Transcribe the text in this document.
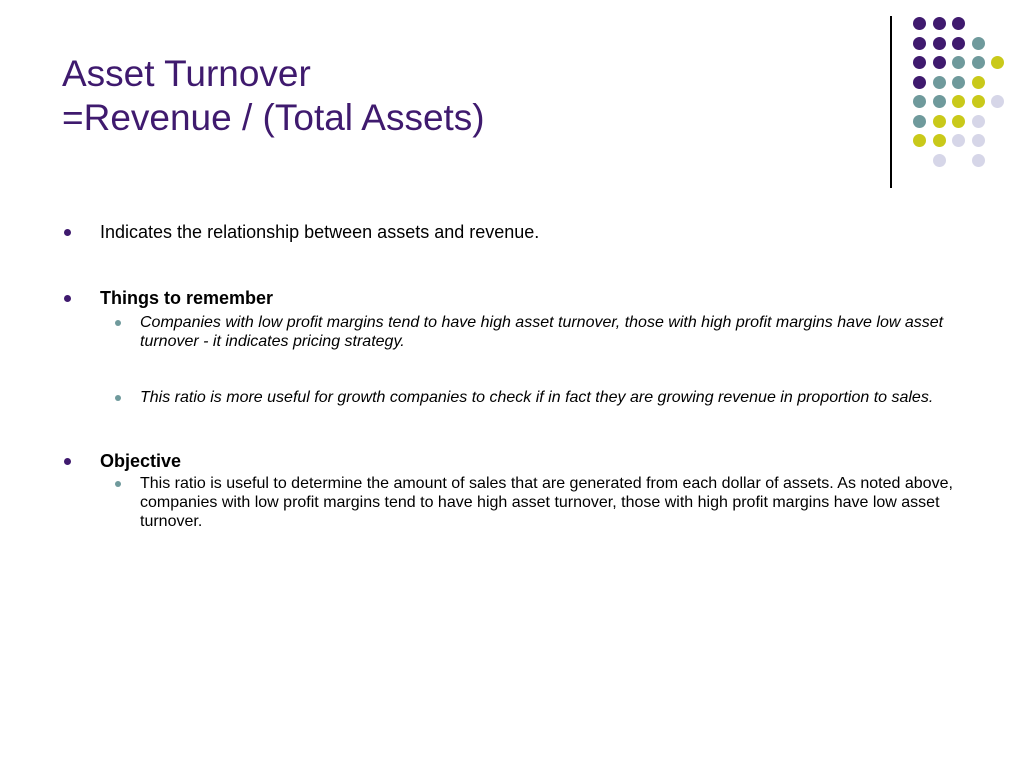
Asset Turnover
=Revenue / (Total Assets)
Indicates the relationship between assets and revenue.
Things to remember
Companies with low profit margins tend to have high asset turnover, those with high profit margins have low asset turnover - it indicates pricing strategy.
This ratio is more useful for growth companies to check if in fact they are growing revenue in proportion to sales.
Objective
This ratio is useful to determine the amount of sales that are generated from each dollar of assets. As noted above, companies with low profit margins tend to have high asset turnover, those with high profit margins have low asset turnover.
